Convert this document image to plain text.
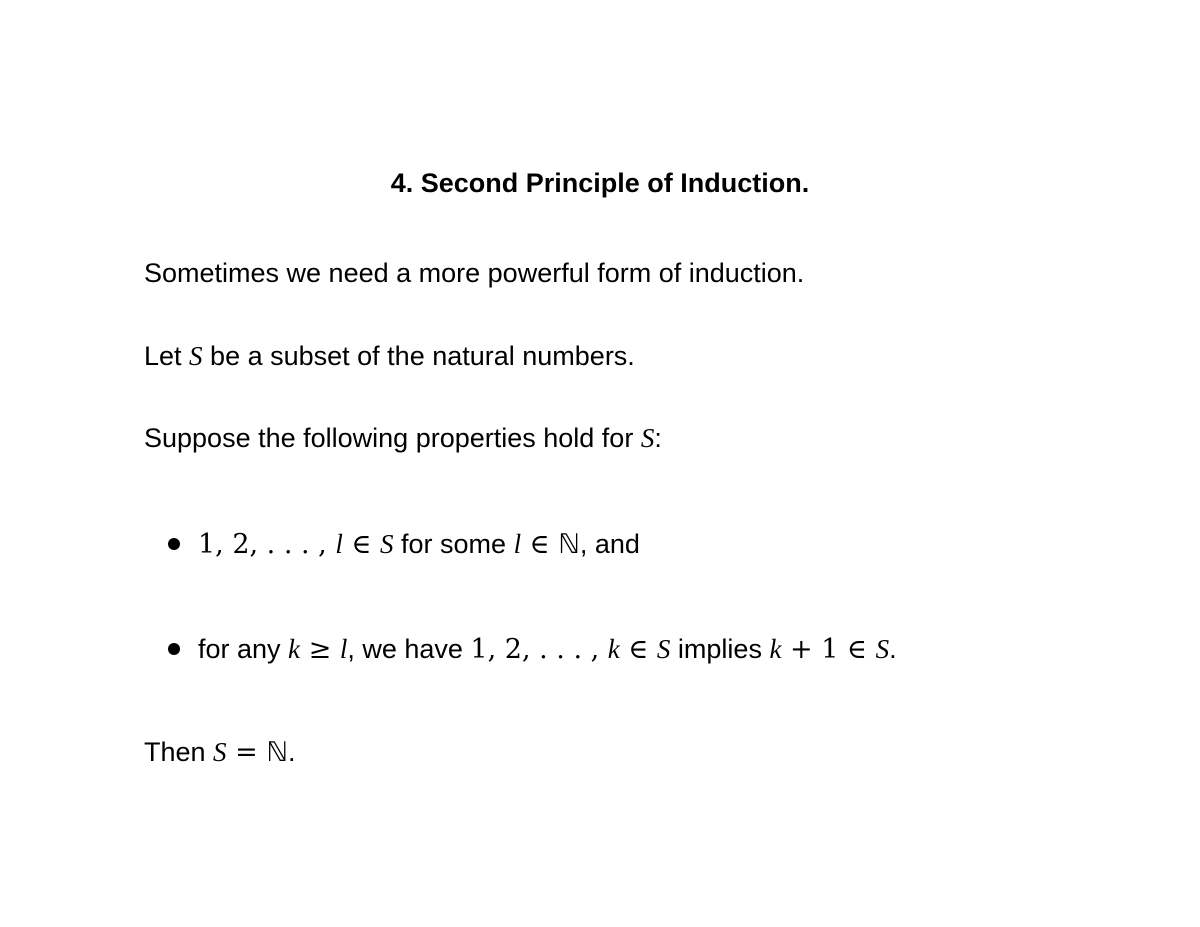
4. Second Principle of Induction.

Sometimes we need a more powerful form of induction.

Let S be a subset of the natural numbers.

Suppose the following properties hold for S:

1, 2, . . . , l ∈ S for some l ∈ ℕ, and
for any k ≥ l, we have 1, 2, . . . , k ∈ S implies k + 1 ∈ S.

Then S = ℕ.
